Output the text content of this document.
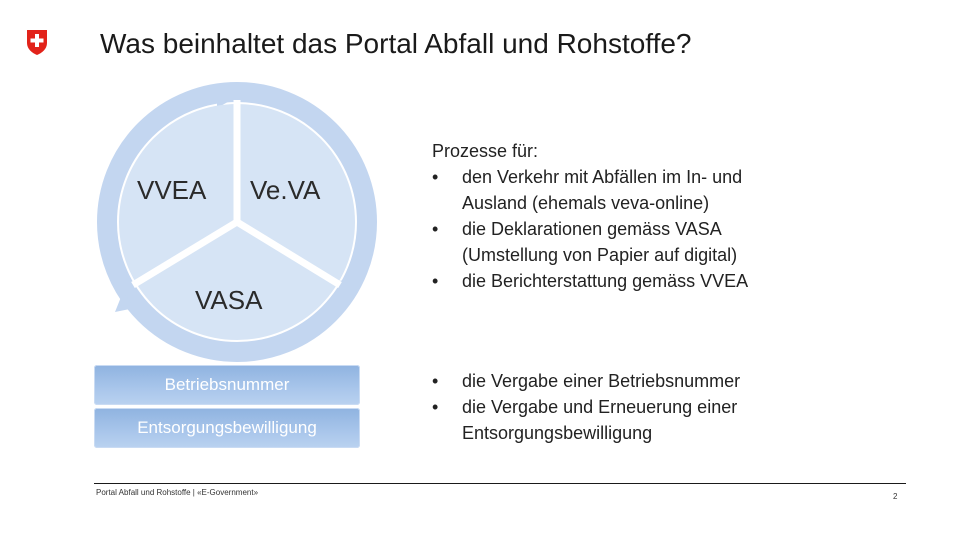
Was beinhaltet das Portal Abfall und Rohstoffe?
VVEA Ve.VA
VASA
Betriebsnummer
Entsorgungsbewilligung
Prozesse für:
•	den Verkehr mit Abfällen im In- und
Ausland (ehemals veva-online)
•	die Deklarationen gemäss VASA
(Umstellung von Papier auf digital)
•	die Berichterstattung gemäss VVEA
•	die Vergabe einer Betriebsnummer
•	die Vergabe und Erneuerung einer
Entsorgungsbewilligung
Portal Abfall und Rohstoffe | «E-Government»	2
